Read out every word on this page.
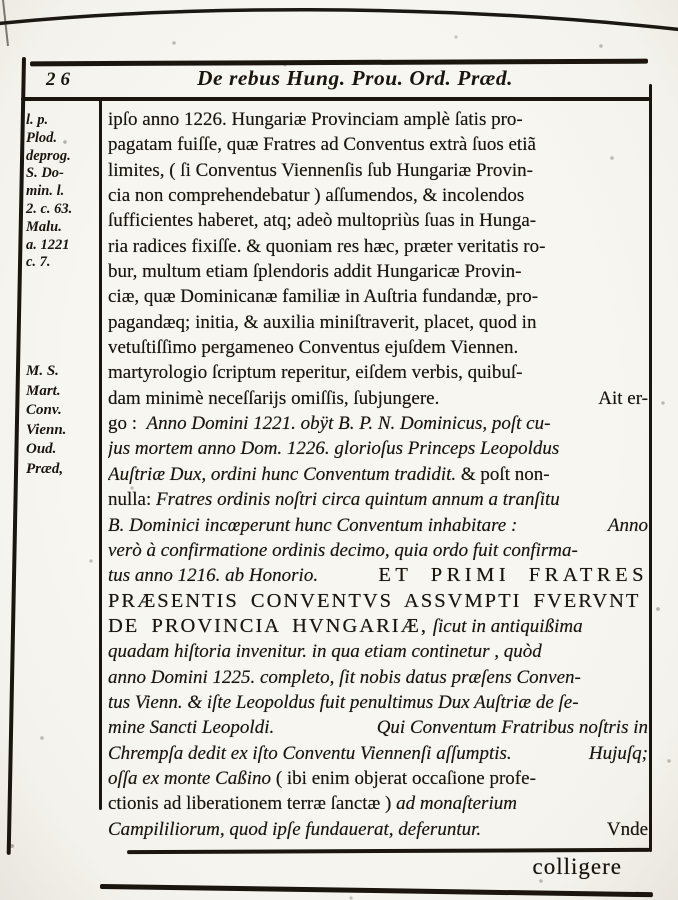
26	De rebus Hung. Prou. Ord. Præd.
l. p.
Plod.
deprog.
S. Do-
min. l.
2. c. 63.
Malu.
a. 1221
c. 7.
M. S.
Mart.
Conv.
Vienn.
Oud.
Præd,
ipſo anno 1226. Hungariæ Provinciam amplè ſatis pro-
pagatam fuiſſe, quæ Fratres ad Conventus extrà ſuos etiã
limites, ( ſi Conventus Viennenſis ſub Hungariæ Provin-
cia non comprehendebatur ) aſſumendos, & incolendos
ſufficientes haberet, atq; adeò multopriùs ſuas in Hunga-
ria radices fixiſſe. & quoniam res hæc, præter veritatis ro-
bur, multum etiam ſplendoris addit Hungaricæ Provin-
ciæ, quæ Dominicanæ familiæ in Auſtria fundandæ, pro-
pagandæq; initia, & auxilia miniſtraverit, placet, quod in
vetuſtiſſimo pergameneo Conventus ejuſdem Viennen.
martyrologio ſcriptum reperitur, eiſdem verbis, quibuſ-
dam minimè neceſſarijs omiſſis, ſubjungere.	Ait er-
go : Anno Domini 1221. obÿt B. P. N. Dominicus, poſt cu-
jus mortem anno Dom. 1226. glorioſus Princeps Leopoldus
Auſtriæ Dux, ordini hunc Conventum tradidit. & poſt non-
nulla: Fratres ordinis noſtri circa quintum annum a tranſitu
B. Dominici incœperunt hunc Conventum inhabitare :	Anno
verò à confirmatione ordinis decimo, quia ordo fuit confirma-
tus anno 1216. ab Honorio.	ET PRIMI FRATRES
PRÆSENTIS CONVENTVS ASSVMPTI FVERVNT
DE PROVINCIA HVNGARIÆ, ſicut in antiquißima
quadam hiſtoria invenitur. in qua etiam continetur , quòd
anno Domini 1225. completo, ſit nobis datus præſens Conven-
tus Vienn. & iſte Leopoldus fuit penultimus Dux Auſtriæ de ſe-
mine Sancti Leopoldi.	Qui Conventum Fratribus noſtris in
Chrempſa dedit ex iſto Conventu Viennenſi aſſumptis.	Hujuſq;
oſſa ex monte Caßino ( ibi enim objerat occaſione profe-
ctionis ad liberationem terræ ſanctæ ) ad monaſterium
Campililiorum, quod ipſe fundauerat, deferuntur.	Vnde
colligere
